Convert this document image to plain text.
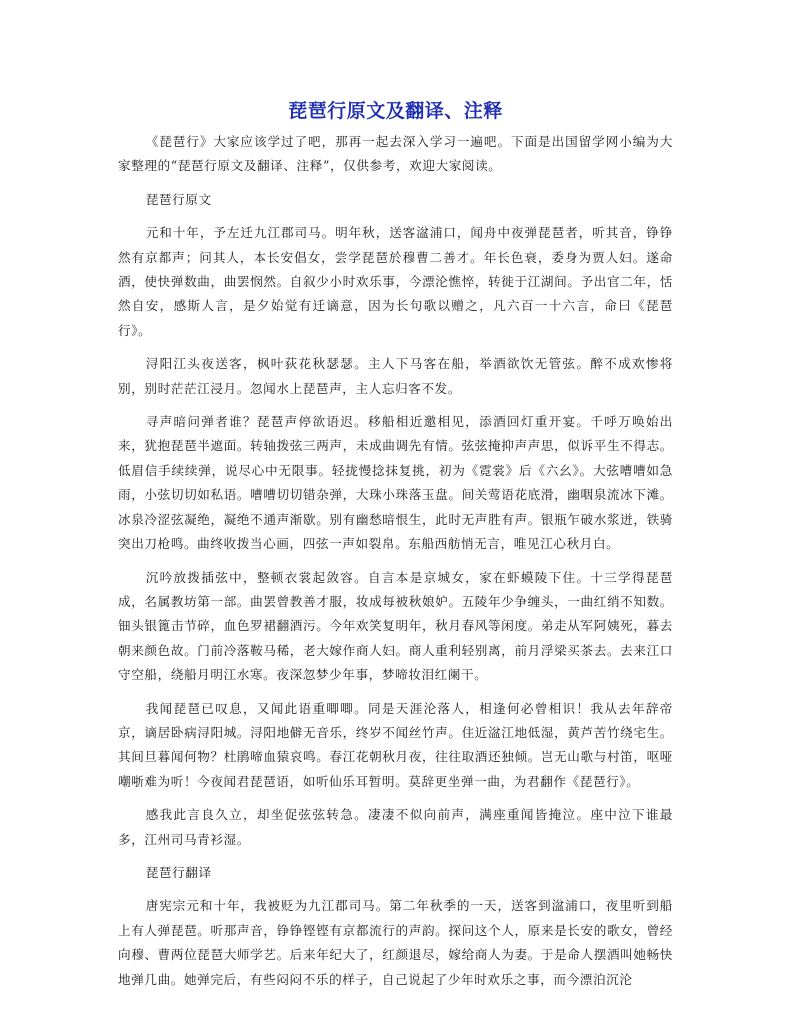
琵琶行原文及翻译、注释

《琵琶行》大家应该学过了吧，那再一起去深入学习一遍吧。下面是出国留学网小编为大家整理的“琵琶行原文及翻译、注释”，仅供参考，欢迎大家阅读。

琵琶行原文

元和十年，予左迁九江郡司马。明年秋，送客湓浦口，闻舟中夜弹琵琶者，听其音，铮铮然有京都声；问其人，本长安倡女，尝学琵琶於穆曹二善才。年长色衰，委身为贾人妇。遂命酒，使快弹数曲，曲罢悯然。自叙少小时欢乐事，今漂沦憔悴，转徙于江湖间。予出官二年，恬然自安，感斯人言，是夕始觉有迁谪意，因为长句歌以赠之，凡六百一十六言，命曰《琵琶行》。

浔阳江头夜送客，枫叶荻花秋瑟瑟。主人下马客在船，举酒欲饮无管弦。醉不成欢惨将别，别时茫茫江浸月。忽闻水上琵琶声，主人忘归客不发。

寻声暗问弹者谁？琵琶声停欲语迟。移船相近邀相见，添酒回灯重开宴。千呼万唤始出来，犹抱琵琶半遮面。转轴拨弦三两声，未成曲调先有情。弦弦掩抑声声思，似诉平生不得志。低眉信手续续弹，说尽心中无限事。轻拢慢捻抹复挑，初为《霓裳》后《六幺》。大弦嘈嘈如急雨，小弦切切如私语。嘈嘈切切错杂弹，大珠小珠落玉盘。间关莺语花底滑，幽咽泉流冰下滩。冰泉冷涩弦凝绝，凝绝不通声渐歇。别有幽愁暗恨生，此时无声胜有声。银瓶乍破水浆迸，铁骑突出刀枪鸣。曲终收拨当心画，四弦一声如裂帛。东船西舫悄无言，唯见江心秋月白。

沉吟放拨插弦中，整顿衣裳起敛容。自言本是京城女，家在虾蟆陵下住。十三学得琵琶成，名属教坊第一部。曲罢曾教善才服，妆成每被秋娘妒。五陵年少争缠头，一曲红绡不知数。钿头银篦击节碎，血色罗裙翻酒污。今年欢笑复明年，秋月春风等闲度。弟走从军阿姨死，暮去朝来颜色故。门前冷落鞍马稀，老大嫁作商人妇。商人重利轻别离，前月浮梁买茶去。去来江口守空船，绕船月明江水寒。夜深忽梦少年事，梦啼妆泪红阑干。

我闻琵琶已叹息，又闻此语重唧唧。同是天涯沦落人，相逢何必曾相识！我从去年辞帝京，谪居卧病浔阳城。浔阳地僻无音乐，终岁不闻丝竹声。住近湓江地低湿，黄芦苦竹绕宅生。其间旦暮闻何物？杜鹃啼血猿哀鸣。春江花朝秋月夜，往往取酒还独倾。岂无山歌与村笛，呕哑嘲哳难为听！今夜闻君琵琶语，如听仙乐耳暂明。莫辞更坐弹一曲，为君翻作《琵琶行》。

感我此言良久立，却坐促弦弦转急。凄凄不似向前声，满座重闻皆掩泣。座中泣下谁最多，江州司马青衫湿。

琵琶行翻译

唐宪宗元和十年，我被贬为九江郡司马。第二年秋季的一天，送客到湓浦口，夜里听到船上有人弹琵琶。听那声音，铮铮铿铿有京都流行的声韵。探问这个人，原来是长安的歌女，曾经向穆、曹两位琵琶大师学艺。后来年纪大了，红颜退尽，嫁给商人为妻。于是命人摆酒叫她畅快地弹几曲。她弹完后，有些闷闷不乐的样子，自己说起了少年时欢乐之事，而今漂泊沉沦
